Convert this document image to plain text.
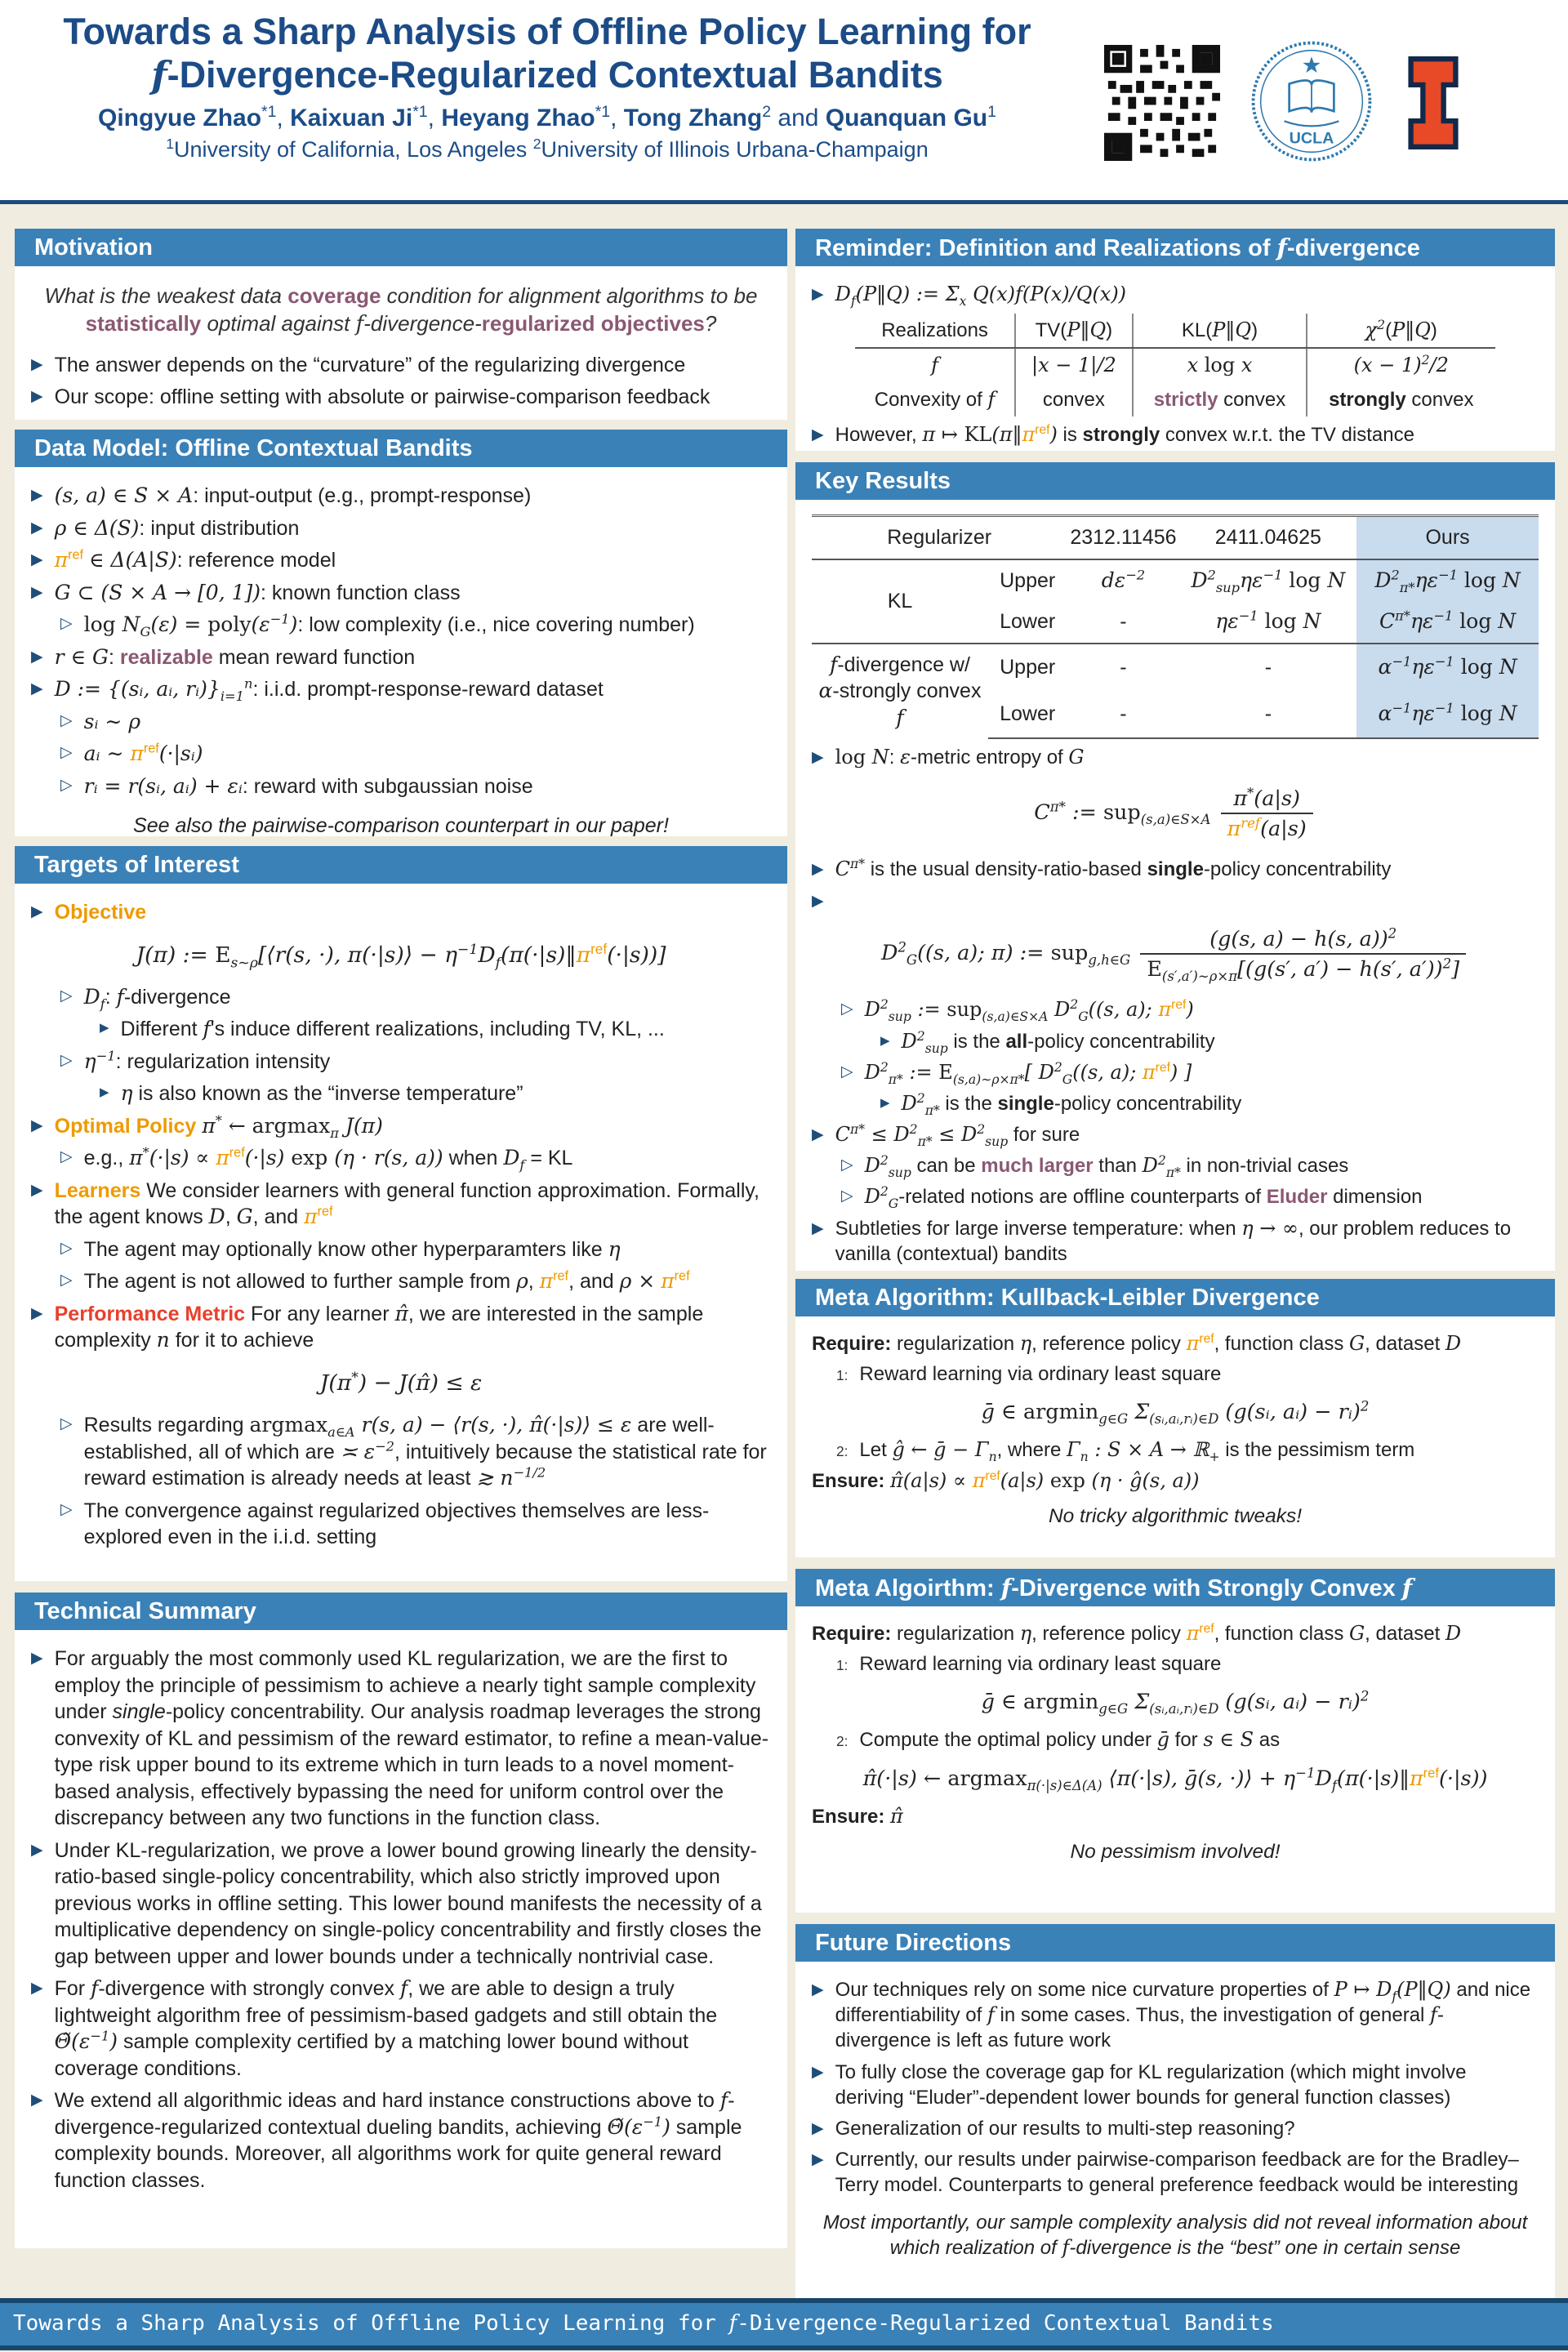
Towards a Sharp Analysis of Offline Policy Learning for
f-Divergence-Regularized Contextual Bandits
Qingyue Zhao$^{*1}$, Kaixuan Ji$^{*1}$, Heyang Zhao$^{*1}$, Tong Zhang$^2$ and Quanquan Gu$^1$
$^1$University of California, Los Angeles $^2$University of Illinois Urbana-Champaign	UCLA
Motivation
What is the weakest data coverage condition for alignment algorithms to be statistically optimal against f-divergence-regularized objectives?
▶ The answer depends on the “curvature” of the regularizing divergence
▶ Our scope: offline setting with absolute or pairwise-comparison feedback
Data Model: Offline Contextual Bandits
▶ (s, a) ∈ S × A: input-output (e.g., prompt-response)
▶ ρ ∈ Δ(S): input distribution
▶ $\pi^{ref}$ ∈ Δ(A|S): reference model
▶ G ⊂ (S × A → [0, 1]): known function class
▷ $\log N_G(\varepsilon)$ = $poly(\varepsilon^{-1})$: low complexity (i.e., nice covering number)
▶ r ∈ G: realizable mean reward function
▶ D := {(sᵢ, aᵢ, $rᵢ)\}_{i=1}^n$: i.i.d. prompt-response-reward dataset
▷ sᵢ ∼ ρ
▷ aᵢ ∼ $\pi^{ref}(\cdot|sᵢ)$
▷ rᵢ = r(sᵢ, aᵢ) + εᵢ: reward with subgaussian noise
See also the pairwise-comparison counterpart in our paper!
Targets of Interest
▶ Objective
J(π) := $E_{s\sim\rho}[⟨r(s$, ·), π(·|s)⟩ − $\eta^{-1}D_f(\pi(\cdot|s)‖\pi^{ref}(\cdot|s))$]
▷ $D_f$: f-divergence
▶ Different f's induce different realizations, including TV, KL, ...
▷ $\eta^{-1}$: regularization intensity
▶ η is also known as the “inverse temperature”
▶ Optimal Policy π* ← argmax$_\pi$ J(π)
▷ e.g., $\pi^*(\cdot|s) \propto \pi^{ref}(\cdot|s)$ exp (η · r(s, a)) when $D_f$ = KL
▶ Learners We consider learners with general function approximation. Formally, the agent knows D, G, and $\pi^{ref}$
▷ The agent may optionally know other hyperparamters like η
▷ The agent is not allowed to further sample from ρ, $\pi^{ref}$, and $\rho \times \pi^{ref}$
▶ Performance Metric For any learner π̂, we are interested in the sample complexity n for it to achieve
J(π*) − J(π̂) ≤ ε
▷ Results regarding argmax$_{a\in A}$ r(s, a) − ⟨r(s, ·), π̂(·|s)⟩ ≤ ε are well-established, all of which are ≍ $\varepsilon^{-2}$, intuitively because the statistical rate for reward estimation is already needs at least ≳ $n^{-1/2}$
▷ The convergence against regularized objectives themselves are less-explored even in the i.i.d. setting
Technical Summary
▶ For arguably the most commonly used KL regularization, we are the first to employ the principle of pessimism to achieve a nearly tight sample complexity under single-policy concentrability. Our analysis roadmap leverages the strong convexity of KL and pessimism of the reward estimator, to refine a mean-value-type risk upper bound to its extreme which in turn leads to a novel moment-based analysis, effectively bypassing the need for uniform control over the discrepancy between any two functions in the function class.
▶ Under KL-regularization, we prove a lower bound growing linearly the density-ratio-based single-policy concentrability, which also strictly improved upon previous works in offline setting. This lower bound manifests the necessity of a multiplicative dependency on single-policy concentrability and firstly closes the gap between upper and lower bounds under a technically nontrivial case.
▶ For f-divergence with strongly convex f, we are able to design a truly lightweight algorithm free of pessimism-based gadgets and still obtain the $\Thetã(\varepsilon^{-1})$ sample complexity certified by a matching lower bound without coverage conditions.
▶ We extend all algorithmic ideas and hard instance constructions above to f-divergence-regularized contextual dueling bandits, achieving $\Thetã(\varepsilon^{-1})$ sample complexity bounds. Moreover, all algorithms work for quite general reward function classes.
Reminder: Definition and Realizations of f-divergence
▶ $D_f(P‖Q)$ := $\Sigma_x$ Q(x)f(P(x)/Q(x))
Realizations	TV(P‖Q)	KL(P‖Q)	$\chi^2(P‖Q)$
f	|x − 1|/2	x log x	$(x - 1)^2/2$
Convexity of f	convex	strictly convex	strongly convex
▶ However, π ↦ $KL(\pi‖\pi^{ref})$ is strongly convex w.r.t. the TV distance
Key Results
Regularizer		2312.11456	2411.04625	Ours
KL	Upper	$d\varepsilon^{-2}$	$D^2_{sup}\eta\varepsilon^{-1}$ log N	$D^2_{\pi*}\eta\varepsilon^{-1}$ log N
	Lower	-	$\eta\varepsilon^{-1}$ log N	$C^{\pi*}\eta\varepsilon^{-1}$ log N

f-divergence w/
α-strongly convex f	Upper	-	-	$\alpha^{-1}\eta\varepsilon^{-1}$ log N
	Lower	-	-	$\alpha^{-1}\eta\varepsilon^{-1}$ log N
▶ log N: ε-metric entropy of G
$C^{\pi*}$ := $sup_{(s,a)\in S\times A} \frac{\pi^*(a|s)}{\pi^{ref}(a|s)}$
▶ $C^{\pi*}$ is the usual density-ratio-based single-policy concentrability
▶
$D^2_G((s$, a); π) := $sup_{g,h\in G} \frac{(g(s, a) - h(s, a))^2}{E_{(s',a')\sim\rho\times\pi}[(g(s', a') - h(s', a'))^2]}$
▷ $D^2_{sup}$ := sup$_{(s,a)\in S\times A}$ $D^2_G((s$, a); $\pi^{ref}$)
▶ $D^2_{sup}$ is the all-policy concentrability
▷ $D^2_{\pi*}$ := $E_{(s,a)\sim\rho\times\pi*}$[ $D^2_G((s$, a); $\pi^{ref}$) ]
▶ $D^2_{\pi*}$ is the single-policy concentrability
▶ $C^{\pi*} \le D^2_{\pi*} \le D^2_{sup}$ for sure
▷ $D^2_{sup}$ can be much larger than $D^2_{\pi*}$ in non-trivial cases
▷ $D^2_G$-related notions are offline counterparts of Eluder dimension
▶ Subtleties for large inverse temperature: when η → ∞, our problem reduces to vanilla (contextual) bandits
Meta Algorithm: Kullback-Leibler Divergence
Require: regularization η, reference policy $\pi^{ref}$, function class G, dataset D
1: Reward learning via ordinary least square
ḡ ∈ argmin$_{g\in G}$ $\Sigma_{(sᵢ,aᵢ,rᵢ)\in D}$ (g(sᵢ, aᵢ) − rᵢ)$^2$
2: Let ĝ ← ḡ − $\Gamma_n$, where $\Gamma_n$ : S × A → ℝ$_+$ is the pessimism term
Ensure: π̂(a|s) ∝ $\pi^{ref}(a|s)$ exp (η · ĝ(s, a))
No tricky algorithmic tweaks!
Meta Algoirthm: f-Divergence with Strongly Convex f
Require: regularization η, reference policy $\pi^{ref}$, function class G, dataset D
1: Reward learning via ordinary least square
ḡ ∈ argmin$_{g\in G}$ $\Sigma_{(sᵢ,aᵢ,rᵢ)\in D}$ (g(sᵢ, aᵢ) − rᵢ)$^2$
2: Compute the optimal policy under ḡ for s ∈ S as
π̂(·|s) ← argmax$_{\pi(\cdot|s)\in\Delta(A)}$ ⟨π(·|s), ḡ(s, ·)⟩ + $\eta^{-1}D_f(\pi(\cdot|s)‖\pi^{ref}(\cdot|s))$
Ensure: π̂
No pessimism involved!
Future Directions
▶ Our techniques rely on some nice curvature properties of P ↦ $D_f(P‖Q)$ and nice differentiability of f in some cases. Thus, the investigation of general f-divergence is left as future work
▶ To fully close the coverage gap for KL regularization (which might involve deriving “Eluder”-dependent lower bounds for general function classes)
▶ Generalization of our results to multi-step reasoning?
▶ Currently, our results under pairwise-comparison feedback are for the Bradley–Terry model. Counterparts to general preference feedback would be interesting
Most importantly, our sample complexity analysis did not reveal information about which realization of f-divergence is the “best” one in certain sense
Towards a Sharp Analysis of Offline Policy Learning for f-Divergence-Regularized Contextual Bandits
